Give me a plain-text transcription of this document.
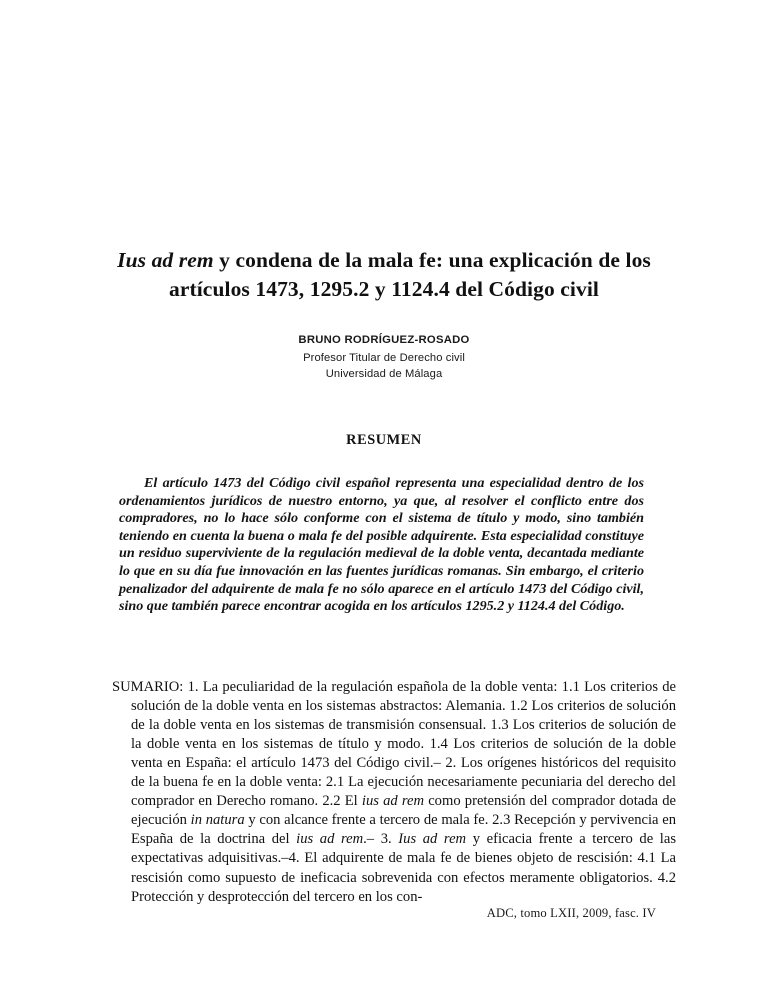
Ius ad rem y condena de la mala fe: una explicación de los artículos 1473, 1295.2 y 1124.4 del Código civil
BRUNO RODRÍGUEZ-ROSADO
Profesor Titular de Derecho civil
Universidad de Málaga
RESUMEN

El artículo 1473 del Código civil español representa una especialidad dentro de los ordenamientos jurídicos de nuestro entorno, ya que, al resolver el conflicto entre dos compradores, no lo hace sólo conforme con el sistema de título y modo, sino también teniendo en cuenta la buena o mala fe del posible adquirente. Esta especialidad constituye un residuo superviviente de la regulación medieval de la doble venta, decantada mediante lo que en su día fue innovación en las fuentes jurídicas romanas. Sin embargo, el criterio penalizador del adquirente de mala fe no sólo aparece en el artículo 1473 del Código civil, sino que también parece encontrar acogida en los artículos 1295.2 y 1124.4 del Código.

SUMARIO: 1. La peculiaridad de la regulación española de la doble venta: 1.1 Los criterios de solución de la doble venta en los sistemas abstractos: Alemania. 1.2 Los criterios de solución de la doble venta en los sistemas de transmisión consensual. 1.3 Los criterios de solución de la doble venta en los sistemas de título y modo. 1.4 Los criterios de solución de la doble venta en España: el artículo 1473 del Código civil.– 2. Los orígenes históricos del requisito de la buena fe en la doble venta: 2.1 La ejecución necesariamente pecuniaria del derecho del comprador en Derecho romano. 2.2 El ius ad rem como pretensión del comprador dotada de ejecución in natura y con alcance frente a tercero de mala fe. 2.3 Recepción y pervivencia en España de la doctrina del ius ad rem.– 3. Ius ad rem y eficacia frente a tercero de las expectativas adquisitivas.–4. El adquirente de mala fe de bienes objeto de rescisión: 4.1 La rescisión como supuesto de ineficacia sobrevenida con efectos meramente obligatorios. 4.2 Protección y desprotección del tercero en los con-

ADC, tomo LXII, 2009, fasc. IV
